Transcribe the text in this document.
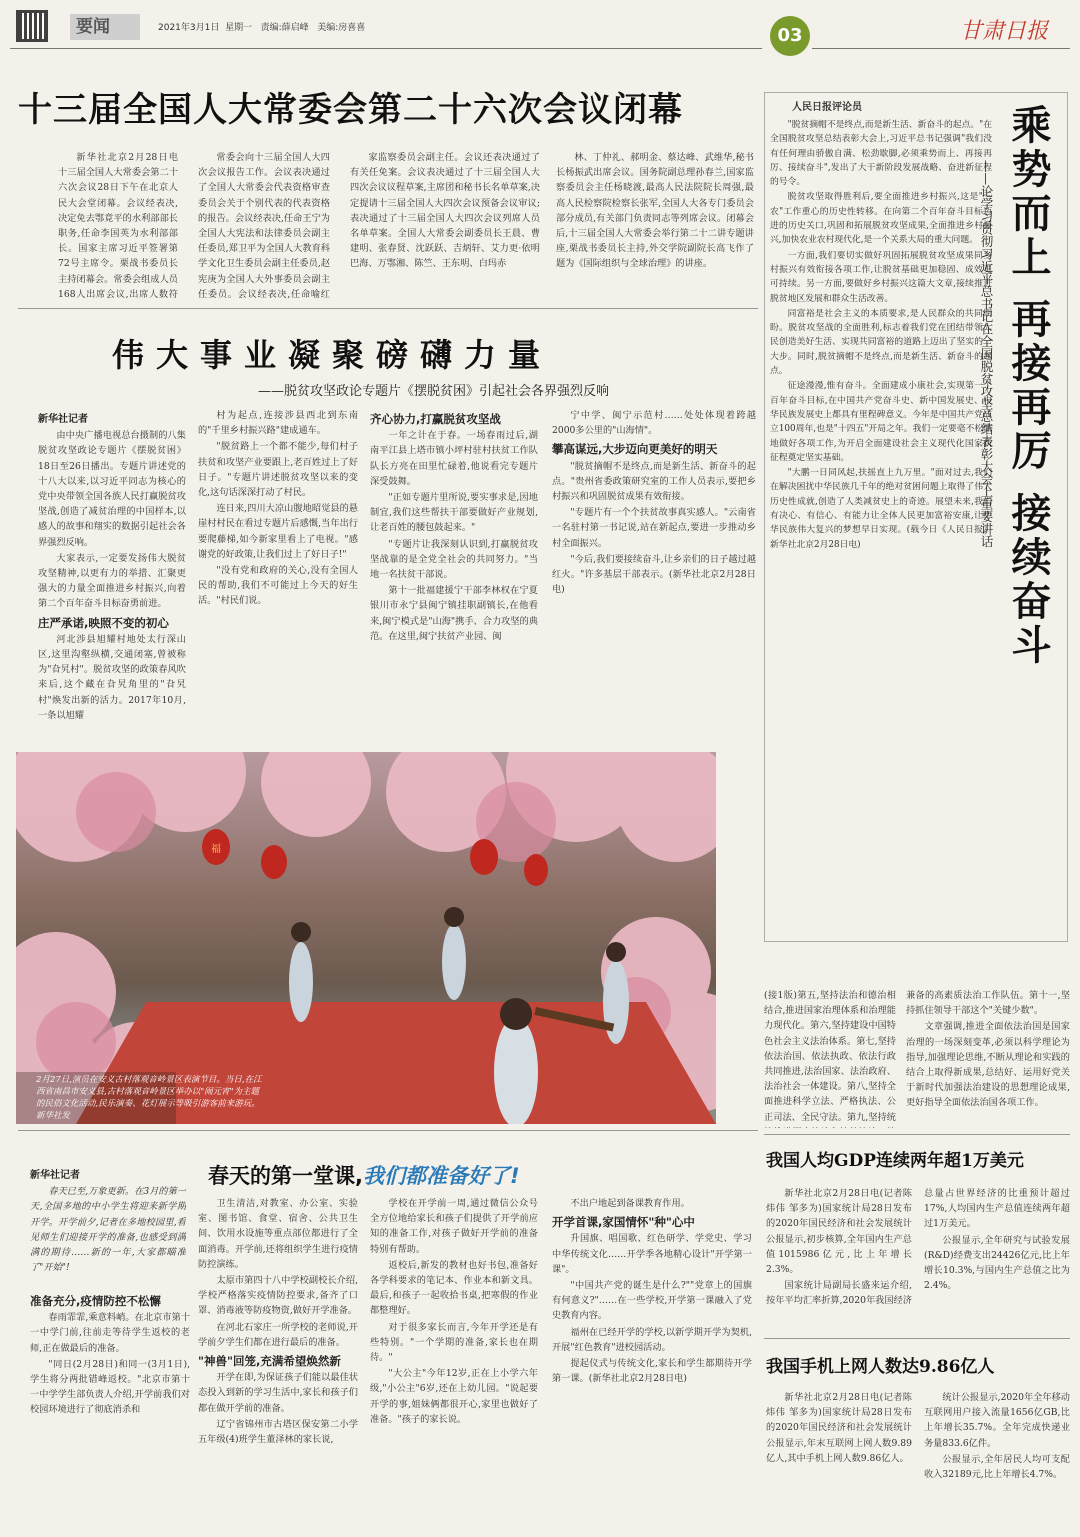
要闻	2021年3月1日  星期一   责编:薛启峰   美编:房喜喜	03	甘肃日报
十三届全国人大常委会第二十六次会议闭幕

新华社北京2月28日电 十三届全国人大常委会第二十六次会议28日下午在北京人民大会堂闭幕。会议经表决,决定免去鄂竟平的水利部部长职务,任命李国英为水利部部长。国家主席习近平签署第72号主席令。栗战书委员长主持闭幕会。常委会组成人员168人出席会议,出席人数符

常委会向十三届全国人大四次会议报告工作。会议表决通过了全国人大常委会代表资格审查委员会关于个别代表的代表资格的报告。会议经表决,任命王宁为全国人大宪法和法律委员会副主任委员,郑卫平为全国人大教育科学文化卫生委员会副主任委员,赵宪庚为全国人大外事委员会副主任委员。会议经表决,任命喻红

家监察委员会副主任。会议还表决通过了有关任免案。会议表决通过了十三届全国人大四次会议议程草案,主席团和秘书长名单草案,决定提请十三届全国人大四次会议预备会议审议;表决通过了十三届全国人大四次会议列席人员名单草案。全国人大常委会副委员长王晨、曹建明、张春贤、沈跃跃、吉炳轩、艾力更·依明巴海、万鄂湘、陈竺、王东明、白玛赤

林、丁仲礼、郝明金、蔡达峰、武维华,秘书长杨振武出席会议。国务院副总理孙春兰,国家监察委员会主任杨晓渡,最高人民法院院长周强,最高人民检察院检察长张军,全国人大各专门委员会部分成员,有关部门负责同志等列席会议。闭幕会后,十三届全国人大常委会举行第二十二讲专题讲座,栗战书委员长主持,外交学院副院长高飞作了题为《国际组织与全球治理》的讲座。

伟大事业凝聚磅礴力量
——脱贫攻坚政论专题片《摆脱贫困》引起社会各界强烈反响

新华社记者

由中央广播电视总台摄制的八集脱贫攻坚政论专题片《摆脱贫困》18日至26日播出。专题片讲述党的十八大以来,以习近平同志为核心的党中央带领全国各族人民打赢脱贫攻坚战,创造了减贫治理的中国样本,以感人的故事和翔实的数据引起社会各界强烈反响。

大家表示,一定要发扬伟大脱贫攻坚精神,以更有力的举措、汇聚更强大的力量全面推进乡村振兴,向着第二个百年奋斗目标奋勇前进。

庄严承诺,映照不变的初心

河北涉县旭耀村地处太行深山区,这里沟壑纵横,交通闭塞,曾被称为"旮旯村"。脱贫攻坚的政策春风吹来后,这个藏在旮旯角里的"旮旯村"焕发出新的活力。2017年10月,一条以旭耀

村为起点,连接涉县西北到东南的"千里乡村振兴路"建成通车。

"脱贫路上一个都不能少,每们村子扶贫和攻坚产业要跟上,老百姓过上了好日子。"专题片讲述脱贫攻坚以来的变化,这句话深深打动了村民。

连日来,四川大凉山腹地昭觉县的悬崖村村民在看过专题片后感慨,当年出行要爬藤梯,如今新家里看上了电视。"感谢党的好政策,让我们过上了好日子!"

"没有党和政府的关心,没有全国人民的帮助,我们不可能过上今天的好生活。"村民们说。

齐心协力,打赢脱贫攻坚战

一年之计在于春。一场春雨过后,湖南平江县上塔市镇小坪村驻村扶贫工作队队长方亮在田里忙碌着,他说看完专题片深受鼓舞。

"正如专题片里所说,要实事求是,因地制宜,我们这些帮扶干部要做好产业规划,让老百姓的腰包鼓起来。"

"专题片让我深刻认识到,打赢脱贫攻坚战靠的是全党全社会的共同努力。"当地一名扶贫干部说。

第十一批福建援宁干部李林权在宁夏银川市永宁县闽宁镇挂职副镇长,在他看来,闽宁模式是"山海"携手、合力攻坚的典范。在这里,闽宁扶贫产业园、闽

宁中学、闽宁示范村……处处体现着跨越2000多公里的"山海情"。

攀高谋远,大步迈向更美好的明天

"脱贫摘帽不是终点,而是新生活、新奋斗的起点。"贵州省委政策研究室的工作人员表示,要把乡村振兴和巩固脱贫成果有效衔接。

"专题片有一个个扶贫故事真实感人。"云南省一名驻村第一书记说,站在新起点,要进一步推动乡村全面振兴。

"今后,我们要接续奋斗,让乡亲们的日子越过越红火。"许多基层干部表示。(新华社北京2月28日电)

福
2月27日,演员在安义古村落观音岭景区表演节目。当日,在江西省南昌市安义县,古村落观音岭景区举办以"闹元宵"为主题的民俗文化活动,民乐演奏、花灯展示等吸引游客前来游玩。 新华社发
人民日报评论员

"脱贫摘帽不是终点,而是新生活、新奋斗的起点。"在全国脱贫攻坚总结表彰大会上,习近平总书记强调"我们没有任何理由骄傲自满、松劲歇脚,必须乘势而上、再接再厉、接续奋斗",发出了大干新阶段发展战略、奋进新征程的号令。

脱贫攻坚取得胜利后,要全面推进乡村振兴,这是"三农"工作重心的历史性转移。在向第二个百年奋斗目标迈进的历史关口,巩固和拓展脱贫攻坚成果,全面推进乡村振兴,加快农业农村现代化,是一个关系大局的重大问题。

一方面,我们要切实做好巩固拓展脱贫攻坚成果同乡村振兴有效衔接各项工作,让脱贫基础更加稳固、成效更可持续。另一方面,要做好乡村振兴这篇大文章,接续推进脱贫地区发展和群众生活改善。

同富裕是社会主义的本质要求,是人民群众的共同期盼。脱贫攻坚战的全面胜利,标志着我们党在团结带领人民创造美好生活、实现共同富裕的道路上迈出了坚实的一大步。同时,脱贫摘帽不是终点,而是新生活、新奋斗的起点。

征途漫漫,惟有奋斗。全面建成小康社会,实现第一个百年奋斗目标,在中国共产党奋斗史、新中国发展史、中华民族发展史上都具有里程碑意义。今年是中国共产党成立100周年,也是"十四五"开局之年。我们一定要毫不松懈地做好各项工作,为开启全面建设社会主义现代化国家新征程奠定坚实基础。

"大鹏一日同风起,扶摇直上九万里。"面对过去,我们在解决困扰中华民族几千年的绝对贫困问题上取得了伟大历史性成就,创造了人类减贫史上的奇迹。展望未来,我们有决心、有信心、有能力让全体人民更加富裕安康,让中华民族伟大复兴的梦想早日实现。(载今日《人民日报》 新华社北京2月28日电)	乘势而上 再接再厉 接续奋斗
——论学习贯彻习近平总书记在全国脱贫攻坚总结表彰大会上重要讲话

(接1版)第五,坚持法治和德治相结合,推进国家治理体系和治理能力现代化。第六,坚持建设中国特色社会主义法治体系。第七,坚持依法治国、依法执政、依法行政共同推进,法治国家、法治政府、法治社会一体建设。第八,坚持全面推进科学立法、严格执法、公正司法、全民守法。第九,坚持统

兼备的高素质法治工作队伍。第十一,坚持抓住领导干部这个"关键少数"。

文章强调,推进全面依法治国是国家治理的一场深刻变革,必须以科学理论为指导,加强理论思维,不断从理论和实践的结合上取得新成果,总结好、运用好党关于新时代加强法治建设的思想理论成果,更好指导全面依法治国各项工作。

春天的第一堂课,我们都准备好了!

新华社记者

春天已至,万象更新。在3月的第一天,全国多地的中小学生将迎来新学期开学。开学前夕,记者在多地校园里,看见师生们迎接开学的准备,也感受到满满的期待……新的一年,大家都瞄准了"开始"!

准备充分,疫情防控不松懈

春雨霏霏,乘意料峭。在北京市第十一中学门前,往前走等待学生返校的老师,正在做最后的准备。

"同日(2月28日)和同一(3月1日),学生将分两批错峰返校。"北京市第十一中学学生部负责人介绍,开学前我们对校园环境进行了彻底消杀和

卫生清洁,对教室、办公室、实验室、图书馆、食堂、宿舍、公共卫生间、饮用水设施等重点部位都进行了全面消毒。开学前,还将组织学生进行疫情防控演练。

太原市第四十八中学校副校长介绍,学校严格落实疫情防控要求,备齐了口罩、消毒液等防疫物资,做好开学准备。

在河北石家庄一所学校的老师说,开学前夕学生们都在进行最后的准备。

"神兽"回笼,充满希望焕然新

开学在即,为保证孩子们能以最佳状态投入到新的学习生活中,家长和孩子们都在做开学前的准备。

辽宁省锦州市古塔区保安第二小学五年级(4)班学生董泽林的家长说,

学校在开学前一周,通过微信公众号全方位地给家长和孩子们提供了开学前应知的准备工作,对孩子做好开学前的准备特别有帮助。

返校后,新发的教材也好书包,准备好各学科要求的笔记本、作业本和新文具。最后,和孩子一起收拾书桌,把寒假的作业都整理好。

对于很多家长而言,今年开学还是有些特别。"一个学期的准备,家长也在期待。"

"大公主"今年12岁,正在上小学六年级,"小公主"6岁,还在上幼儿园。"说起要开学的事,姐妹俩都很开心,家里也做好了准备。"孩子的家长说。

不出户地起到备课教育作用。

开学首课,家国情怀"种"心中

升国旗、唱国歌、红色研学、学党史、学习中华传统文化……开学季各地精心设计"开学第一课"。

"中国共产党的诞生是什么?""党章上的国旗有何意义?"……在一些学校,开学第一课融入了党史教育内容。

福州在已经开学的学校,以新学期开学为契机,开展"红色教育"进校园活动。

提起仪式与传统文化,家长和学生都期待开学第一课。(新华社北京2月28日电)

我国人均GDP连续两年超1万美元

新华社北京2月28日电(记者陈炜伟 邹多为)国家统计局28日发布的2020年国民经济和社会发展统计公报显示,初步核算,全年国内生产总值1015986亿元,比上年增长2.3%。

国家统计局副局长盛来运介绍,按年平均汇率折算,2020年我国经济总量占世界经济的比重预计超过17%,人均国内生产总值连续两年超过1万美元。

公报显示,全年研究与试验发展(R&D)经费支出24426亿元,比上年增长10.3%,与国内生产总值之比为2.4%。

我国手机上网人数达9.86亿人

新华社北京2月28日电(记者陈炜伟 邹多为)国家统计局28日发布的2020年国民经济和社会发展统计公报显示,年末互联网上网人数9.89亿人,其中手机上网人数9.86亿人。

统计公报显示,2020年全年移动互联网用户接入流量1656亿GB,比上年增长35.7%。全年完成快递业务量833.6亿件。

公报显示,全年居民人均可支配收入32189元,比上年增长4.7%。
